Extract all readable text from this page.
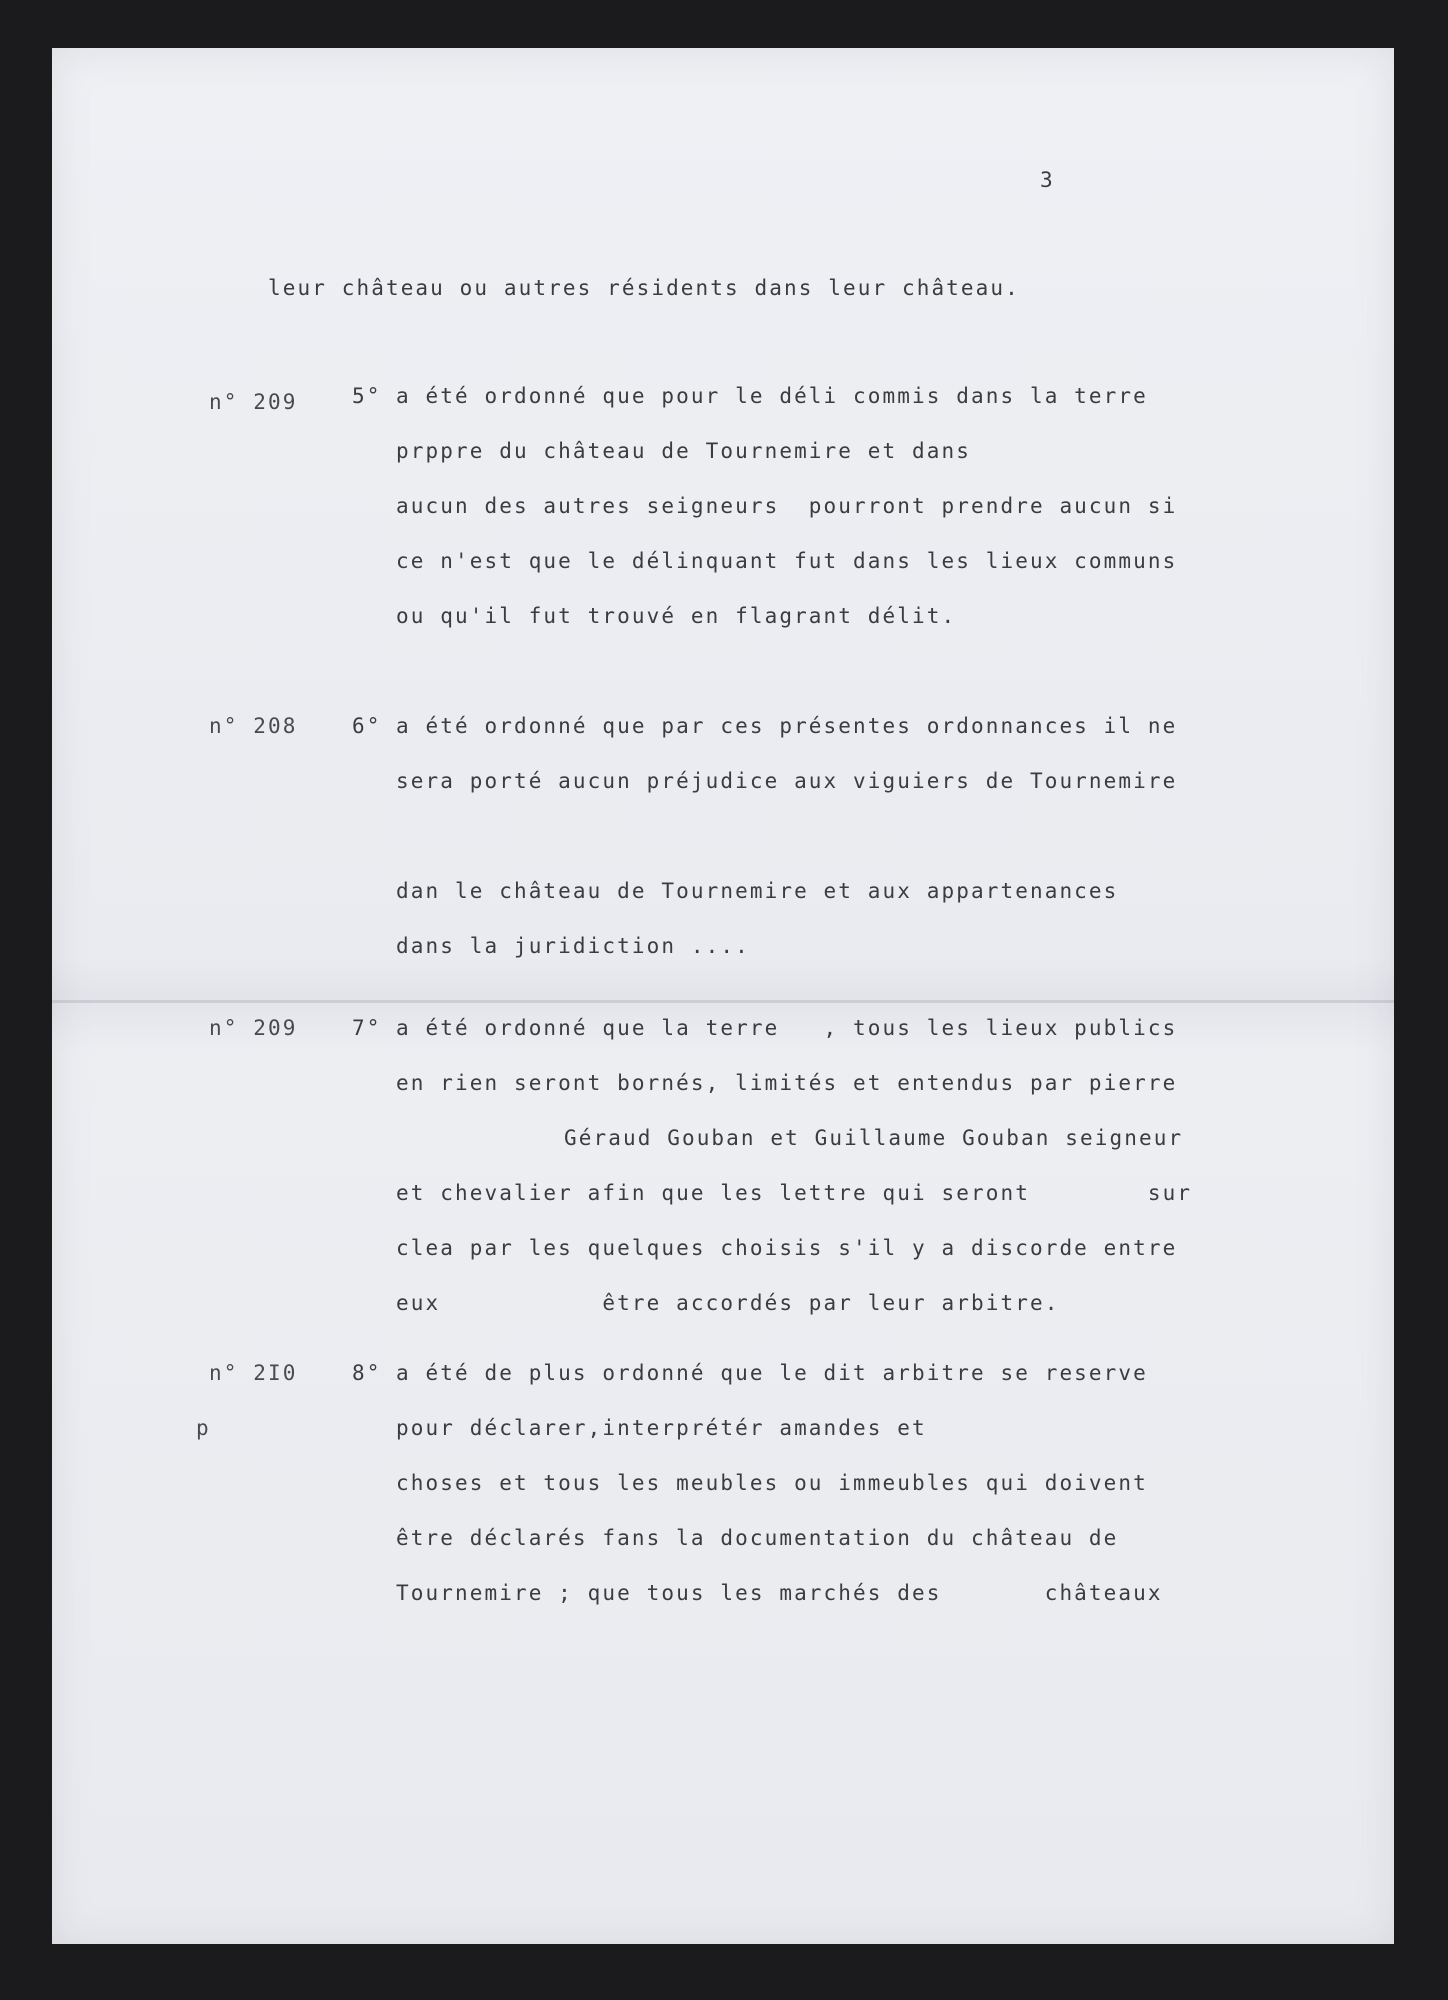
3
leur château ou autres résidents dans leur château.
n° 209	5° a été ordonné que pour le déli commis dans la terre
prppre du château de Tournemire et dans
aucun des autres seigneurs  pourront prendre aucun si
ce n'est que le délinquant fut dans les lieux communs
ou qu'il fut trouvé en flagrant délit.
n° 208	6° a été ordonné que par ces présentes ordonnances il ne
sera porté aucun préjudice aux viguiers de Tournemire
dan le château de Tournemire et aux appartenances
dans la juridiction ....
n° 209	7° a été ordonné que la terre   , tous les lieux publics
en rien seront bornés, limités et entendus par pierre
Géraud Gouban et Guillaume Gouban seigneur
et chevalier afin que les lettre qui seront        sur
clea par les quelques choisis s'il y a discorde entre
eux           être accordés par leur arbitre.
n° 2I0	8° a été de plus ordonné que le dit arbitre se reserve
p	pour déclarer,interprétér amandes et
choses et tous les meubles ou immeubles qui doivent
être déclarés fans la documentation du château de
Tournemire ; que tous les marchés des       châteaux
